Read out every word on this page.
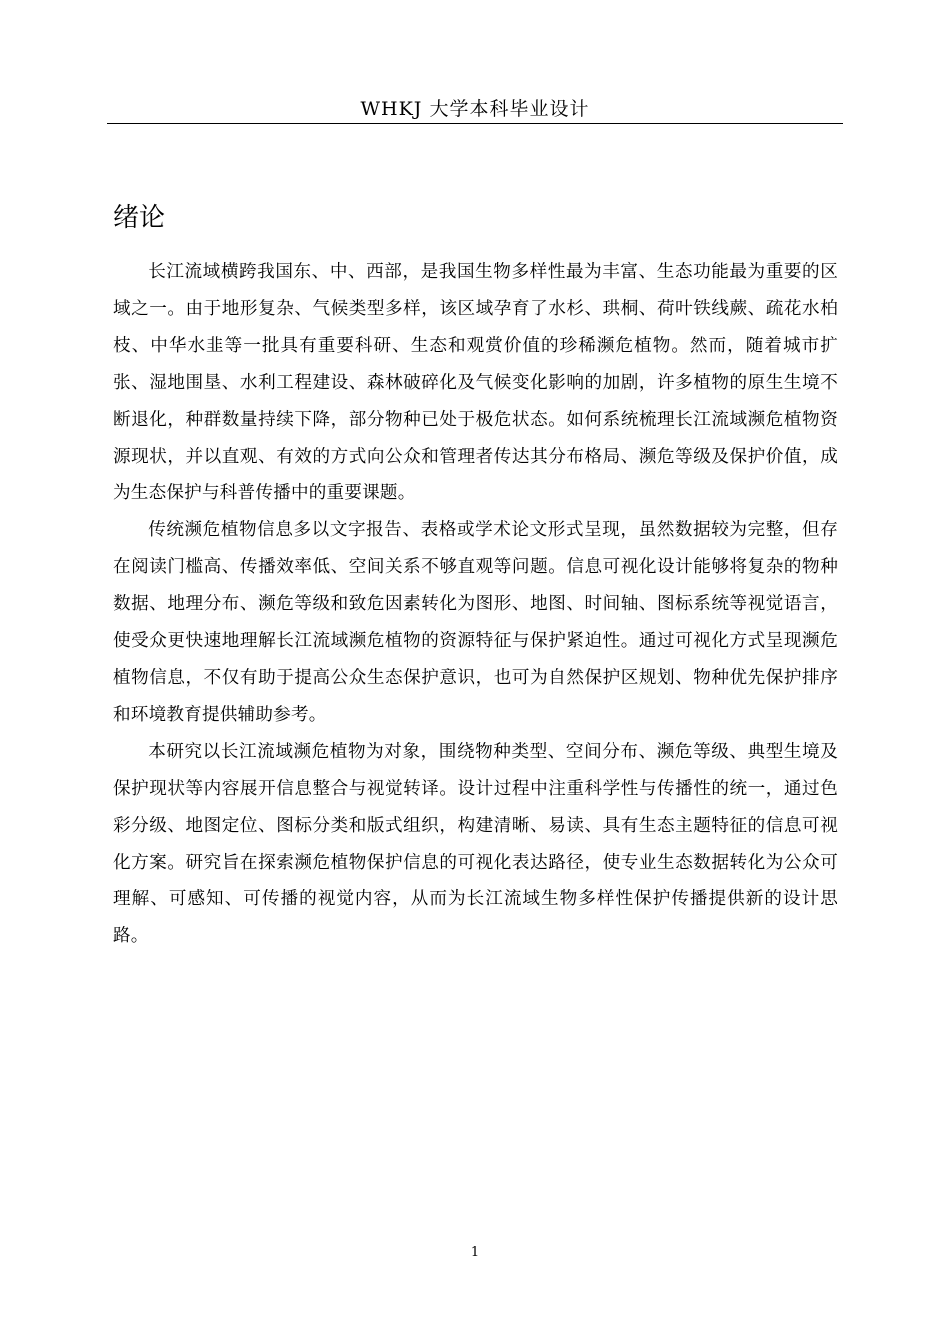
WHKJ 大学本科毕业设计
绪论

长江流域横跨我国东、中、西部，是我国生物多样性最为丰富、生态功能最为重要的区域之一。由于地形复杂、气候类型多样，该区域孕育了水杉、珙桐、荷叶铁线蕨、疏花水柏枝、中华水韭等一批具有重要科研、生态和观赏价值的珍稀濒危植物。然而，随着城市扩张、湿地围垦、水利工程建设、森林破碎化及气候变化影响的加剧，许多植物的原生生境不断退化，种群数量持续下降，部分物种已处于极危状态。如何系统梳理长江流域濒危植物资源现状，并以直观、有效的方式向公众和管理者传达其分布格局、濒危等级及保护价值，成为生态保护与科普传播中的重要课题。

传统濒危植物信息多以文字报告、表格或学术论文形式呈现，虽然数据较为完整，但存在阅读门槛高、传播效率低、空间关系不够直观等问题。信息可视化设计能够将复杂的物种数据、地理分布、濒危等级和致危因素转化为图形、地图、时间轴、图标系统等视觉语言，使受众更快速地理解长江流域濒危植物的资源特征与保护紧迫性。通过可视化方式呈现濒危植物信息，不仅有助于提高公众生态保护意识，也可为自然保护区规划、物种优先保护排序和环境教育提供辅助参考。

本研究以长江流域濒危植物为对象，围绕物种类型、空间分布、濒危等级、典型生境及保护现状等内容展开信息整合与视觉转译。设计过程中注重科学性与传播性的统一，通过色彩分级、地图定位、图标分类和版式组织，构建清晰、易读、具有生态主题特征的信息可视化方案。研究旨在探索濒危植物保护信息的可视化表达路径，使专业生态数据转化为公众可理解、可感知、可传播的视觉内容，从而为长江流域生物多样性保护传播提供新的设计思路。

1
